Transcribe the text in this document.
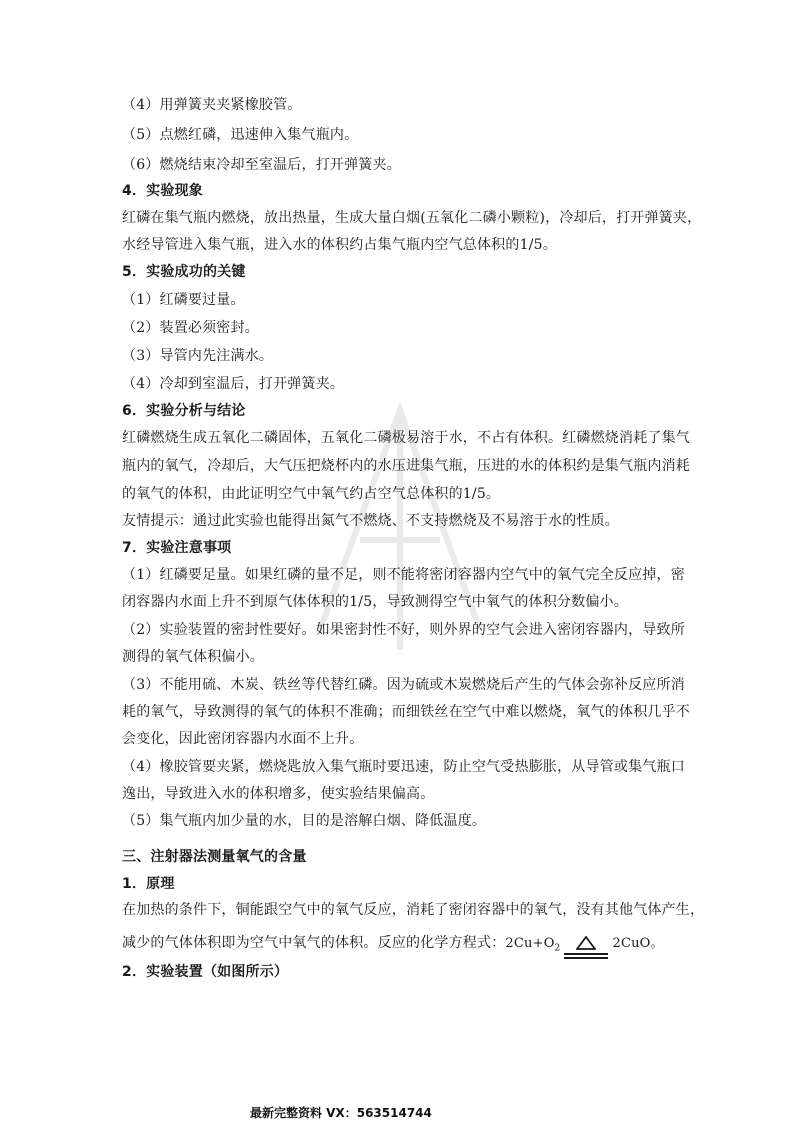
（4）用弹簧夹夹紧橡胶管。
（5）点燃红磷，迅速伸入集气瓶内。
（6）燃烧结束冷却至室温后，打开弹簧夹。
4．实验现象
红磷在集气瓶内燃烧，放出热量，生成大量白烟(五氧化二磷小颗粒)，冷却后，打开弹簧夹，
水经导管进入集气瓶，进入水的体积约占集气瓶内空气总体积的1/5。
5．实验成功的关键
（1）红磷要过量。
（2）装置必须密封。
（3）导管内先注满水。
（4）冷却到室温后，打开弹簧夹。
6．实验分析与结论
红磷燃烧生成五氧化二磷固体，五氧化二磷极易溶于水，不占有体积。红磷燃烧消耗了集气
瓶内的氧气，冷却后，大气压把烧杯内的水压进集气瓶，压进的水的体积约是集气瓶内消耗
的氧气的体积，由此证明空气中氧气约占空气总体积的1/5。
友情提示：通过此实验也能得出氮气不燃烧、不支持燃烧及不易溶于水的性质。
7．实验注意事项
（1）红磷要足量。如果红磷的量不足，则不能将密闭容器内空气中的氧气完全反应掉，密
闭容器内水面上升不到原气体体积的1/5，导致测得空气中氧气的体积分数偏小。
（2）实验装置的密封性要好。如果密封性不好，则外界的空气会进入密闭容器内，导致所
测得的氧气体积偏小。
（3）不能用硫、木炭、铁丝等代替红磷。因为硫或木炭燃烧后产生的气体会弥补反应所消
耗的氧气，导致测得的氧气的体积不准确；而细铁丝在空气中难以燃烧，氧气的体积几乎不
会变化，因此密闭容器内水面不上升。
（4）橡胶管要夹紧，燃烧匙放入集气瓶时要迅速，防止空气受热膨胀，从导管或集气瓶口
逸出，导致进入水的体积增多，使实验结果偏高。
（5）集气瓶内加少量的水，目的是溶解白烟、降低温度。
三、注射器法测量氧气的含量
1．原理
在加热的条件下，铜能跟空气中的氧气反应，消耗了密闭容器中的氧气，没有其他气体产生，
减少的气体体积即为空气中氧气的体积。反应的化学方程式：$2Cu+O_2$	2CuO。
2．实验装置（如图所示）
最新完整资料 VX：563514744
